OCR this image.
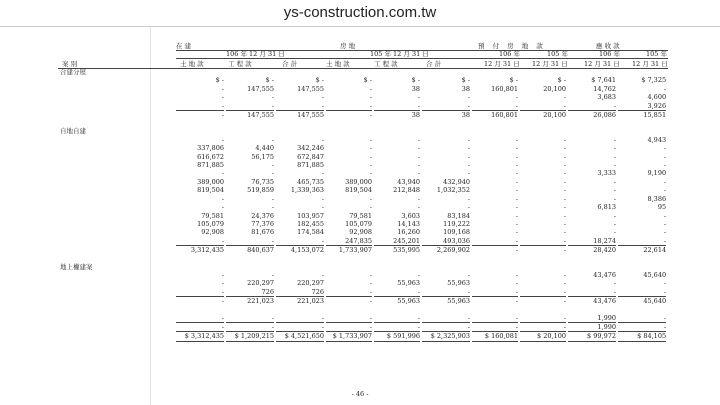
ys-construction.com.tw
在 建	房 地	預 付 房 地 款	應 收 款
106 年 12 月 31 日	105 年 12 月 31 日	106 年	105 年	106 年	105 年
案 別	土 地 款	工 程 款	合 計	土 地 款	工 程 款	合 計	12 月 31 日 12 月 31 日	12 月 31 日 12 月 31 日
合建分屋										
	$ -	$ -	$ -	$ -	$ -	$ -	$ -	$ -	$ 7,641	$ 7,325
	-	147,555	147,555	-	38	38	160,801	20,100	14,762	-
	-	-	-	-	-	-	-	-	3,683	4,600
	-	-	-	-	-	-	-	-	-	3,926

	-	147,555	147,555	-	38	38	160,801	20,100	26,086	15,851

自地自建										
	-	-	-	-	-	-	-	-	-	4,943
	337,806	4,440	342,246	-	-	-	-	-	-	-
	616,672	56,175	672,847	-	-	-	-	-	-	-
	871,885	-	871,885	-	-	-	-	-	-	-
	-	-	-	-	-	-	-	-	3,333	9,190
	389,000	76,735	465,735	389,000	43,940	432,940	-	-	-	-
	819,504	519,859	1,339,363	819,504	212,848	1,032,352	-	-	-	-
	-	-	-	-	-	-	-	-	-	8,386
	-	-	-	-	-	-	-	-	6,813	95
	79,581	24,376	103,957	79,581	3,603	83,184	-	-	-	-
	105,079	77,376	182,455	105,079	14,143	119,222	-	-	-	-
	92,908	81,676	174,584	92,908	16,260	109,168	-	-	-	-
	-	-	-	247,835	245,201	493,036	-	-	18,274	-

	3,312,435	840,637	4,153,072	1,733,907	535,995	2,269,902	-	-	28,420	22,614

地上權建案										
	-	-	-	-	-	-	-	-	43,476	45,640
	-	220,297	220,297	-	55,963	55,963	-	-	-	-
	-	726	726	-	-	-	-	-	-	-

	-	221,023	221,023	-	55,963	55,963	-	-	43,476	45,640

	-	-	-	-	-	-	-	-	1,990	-

	-	-	-	-	-	-	-	-	1,990	-

	$ 3,312,435	$ 1,209,215	$ 4,521,650	$ 1,733,907	$ 591,996	$ 2,325,903	$ 160,081	$ 20,100	$ 99,972	$ 84,105
- 46 -
